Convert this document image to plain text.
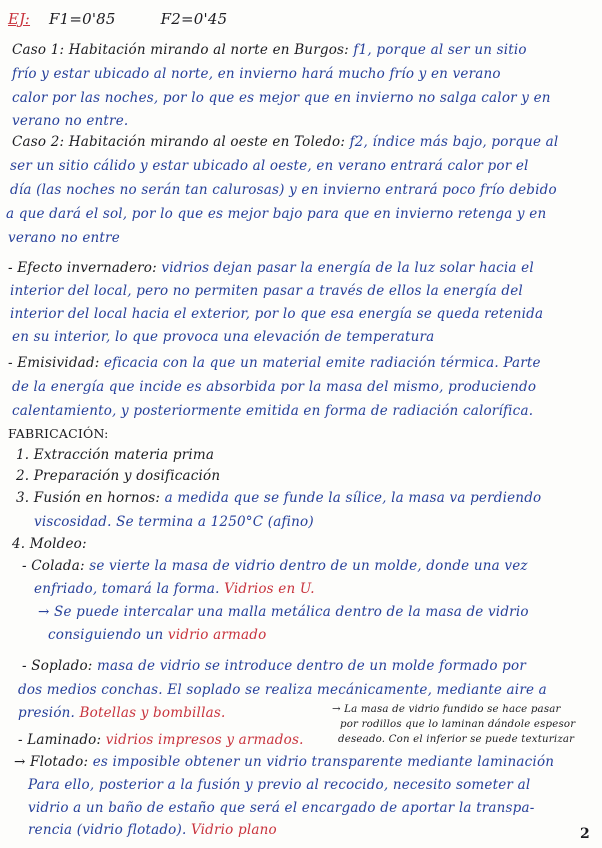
EJ: F1=0'85	F2=0'45
Caso 1: Habitación mirando al norte en Burgos: f1, porque al ser un sitio
frío y estar ubicado al norte, en invierno hará mucho frío y en verano
calor por las noches, por lo que es mejor que en invierno no salga calor y en
verano no entre.
Caso 2: Habitación mirando al oeste en Toledo: f2, índice más bajo, porque al
ser un sitio cálido y estar ubicado al oeste, en verano entrará calor por el
día (las noches no serán tan calurosas) y en invierno entrará poco frío debido
a que dará el sol, por lo que es mejor bajo para que en invierno retenga y en
verano no entre
- Efecto invernadero: vidrios dejan pasar la energía de la luz solar hacia el
interior del local, pero no permiten pasar a través de ellos la energía del
interior del local hacia el exterior, por lo que esa energía se queda retenida
en su interior, lo que provoca una elevación de temperatura
- Emisividad: eficacia con la que un material emite radiación térmica. Parte
de la energía que incide es absorbida por la masa del mismo, produciendo
calentamiento, y posteriormente emitida en forma de radiación calorífica.
FABRICACIÓN:
1. Extracción materia prima
2. Preparación y dosificación
3. Fusión en hornos: a medida que se funde la sílice, la masa va perdiendo
viscosidad. Se termina a 1250°C (afino)
4. Moldeo:
- Colada: se vierte la masa de vidrio dentro de un molde, donde una vez
enfriado, tomará la forma. Vidrios en U.
→ Se puede intercalar una malla metálica dentro de la masa de vidrio
consiguiendo un vidrio armado
- Soplado: masa de vidrio se introduce dentro de un molde formado por
dos medios conchas. El soplado se realiza mecánicamente, mediante aire a
presión. Botellas y bombillas.
- Laminado: vidrios impresos y armados.
→ La masa de vidrio fundido se hace pasar
por rodillos que lo laminan dándole espesor
deseado. Con el inferior se puede texturizar
→ Flotado: es imposible obtener un vidrio transparente mediante laminación
Para ello, posterior a la fusión y previo al recocido, necesito someter al
vidrio a un baño de estaño que será el encargado de aportar la transpa-
rencia (vidrio flotado). Vidrio plano	2
